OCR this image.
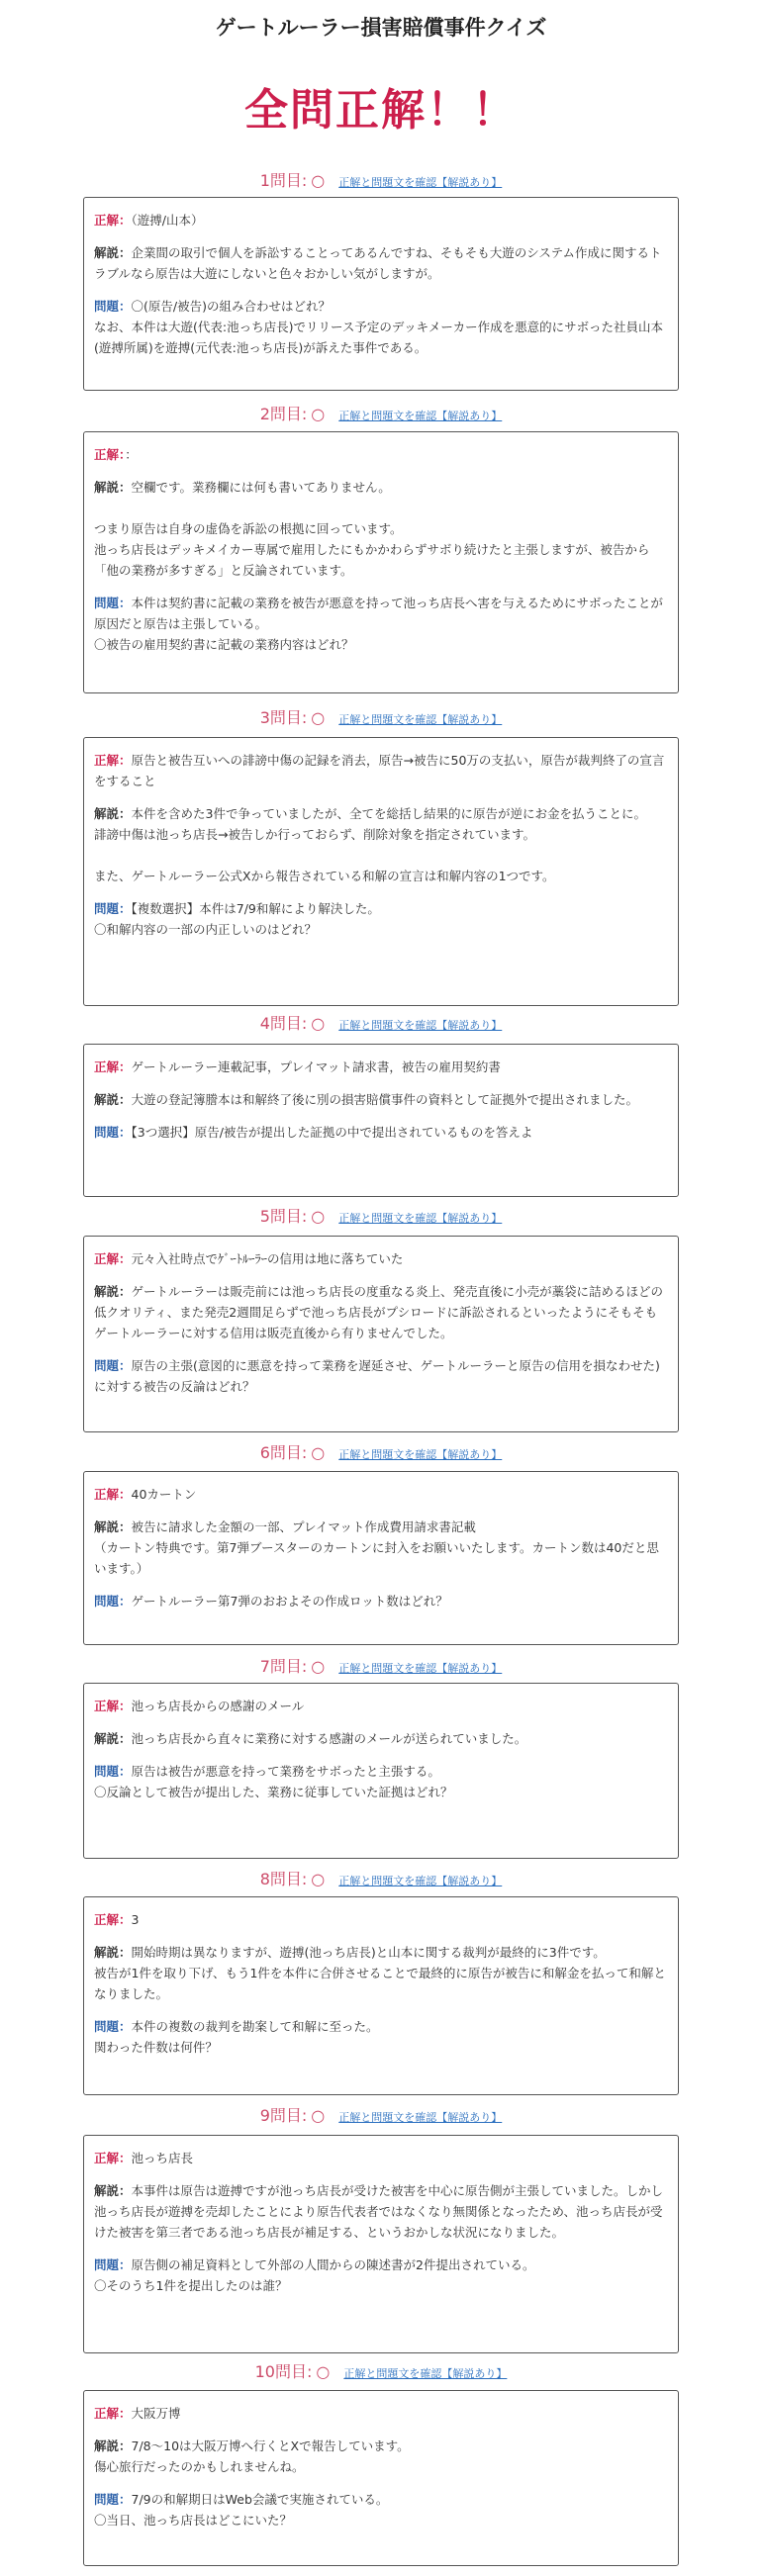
ゲートルーラー損害賠償事件クイズ
全問正解！！
1問目: ○ 正解と問題文を確認【解説あり】
正解：（遊搏/山本）
解説：企業間の取引で個人を訴訟することってあるんですね、そもそも大遊のシステム作成に関するトラブルなら原告は大遊にしないと色々おかしい気がしますが。
問題：〇(原告/被告)の組み合わせはどれ？
なお、本件は大遊(代表:池っち店長)でリリース予定のデッキメーカー作成を悪意的にサボった社員山本(遊搏所属)を遊搏(元代表:池っち店長)が訴えた事件である。
2問目: ○ 正解と問題文を確認【解説あり】
正解：：
解説：空欄です。業務欄には何も書いてありません。

つまり原告は自身の虚偽を訴訟の根拠に回っています。
池っち店長はデッキメイカー専属で雇用したにもかかわらずサボり続けたと主張しますが、被告から「他の業務が多すぎる」と反論されています。
問題：本件は契約書に記載の業務を被告が悪意を持って池っち店長へ害を与えるためにサボったことが原因だと原告は主張している。
〇被告の雇用契約書に記載の業務内容はどれ？
3問目: ○ 正解と問題文を確認【解説あり】
正解：原告と被告互いへの誹謗中傷の記録を消去，原告→被告に50万の支払い，原告が裁判終了の宣言をすること
解説：本件を含めた3件で争っていましたが、全てを総括し結果的に原告が逆にお金を払うことに。
誹謗中傷は池っち店長→被告しか行っておらず、削除対象を指定されています。

また、ゲートルーラー公式Xから報告されている和解の宣言は和解内容の1つです。
問題：【複数選択】本件は7/9和解により解決した。
〇和解内容の一部の内正しいのはどれ？
4問目: ○ 正解と問題文を確認【解説あり】
正解：ゲートルーラー連載記事，プレイマット請求書，被告の雇用契約書
解説：大遊の登記簿謄本は和解終了後に別の損害賠償事件の資料として証拠外で提出されました。
問題：【3つ選択】原告/被告が提出した証拠の中で提出されているものを答えよ
5問目: ○ 正解と問題文を確認【解説あり】
正解：元々入社時点でｹﾞｰﾄﾙｰﾗｰの信用は地に落ちていた
解説：ゲートルーラーは販売前には池っち店長の度重なる炎上、発売直後に小売が藁袋に詰めるほどの低クオリティ、また発売2週間足らずで池っち店長がプシロードに訴訟されるといったようにそもそもゲートルーラーに対する信用は販売直後から有りませんでした。
問題：原告の主張(意図的に悪意を持って業務を遅延させ、ゲートルーラーと原告の信用を損なわせた)に対する被告の反論はどれ？
6問目: ○ 正解と問題文を確認【解説あり】
正解：40カートン
解説：被告に請求した金額の一部、プレイマット作成費用請求書記載
（カートン特典です。第7弾ブースターのカートンに封入をお願いいたします。カートン数は40だと思います。）
問題：ゲートルーラー第7弾のおおよその作成ロット数はどれ？
7問目: ○ 正解と問題文を確認【解説あり】
正解：池っち店長からの感謝のメール
解説：池っち店長から直々に業務に対する感謝のメールが送られていました。
問題：原告は被告が悪意を持って業務をサボったと主張する。
〇反論として被告が提出した、業務に従事していた証拠はどれ？
8問目: ○ 正解と問題文を確認【解説あり】
正解：3
解説：開始時期は異なりますが、遊搏(池っち店長)と山本に関する裁判が最終的に3件です。
被告が1件を取り下げ、もう1件を本件に合併させることで最終的に原告が被告に和解金を払って和解となりました。
問題：本件の複数の裁判を勘案して和解に至った。
関わった件数は何件？
9問目: ○ 正解と問題文を確認【解説あり】
正解：池っち店長
解説：本事件は原告は遊搏ですが池っち店長が受けた被害を中心に原告側が主張していました。しかし池っち店長が遊搏を売却したことにより原告代表者ではなくなり無関係となったため、池っち店長が受けた被害を第三者である池っち店長が補足する、というおかしな状況になりました。
問題：原告側の補足資料として外部の人間からの陳述書が2件提出されている。
〇そのうち1件を提出したのは誰？
10問目: ○ 正解と問題文を確認【解説あり】
正解：大阪万博
解説：7/8〜10は大阪万博へ行くとXで報告しています。
傷心旅行だったのかもしれませんね。
問題：7/9の和解期日はWeb会議で実施されている。
〇当日、池っち店長はどこにいた？
